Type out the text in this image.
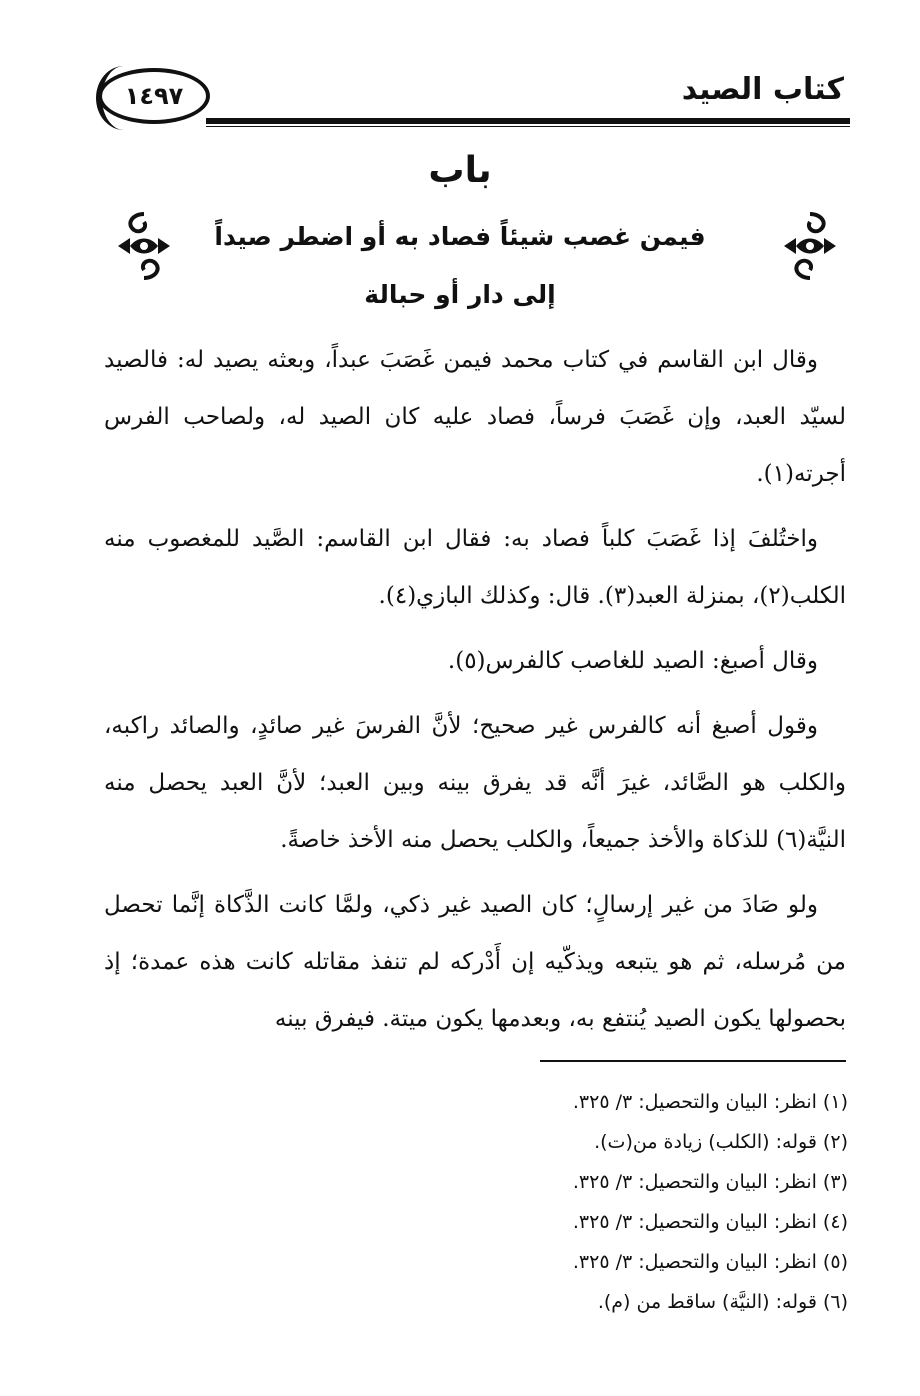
١٤٩٧	كتاب الصيد
باب
فيمن غصب شيئاً فصاد به أو اضطر صيداً
إلى دار أو حبالة

وقال ابن القاسم في كتاب محمد فيمن غَصَبَ عبداً، وبعثه يصيد له: فالصيد لسيّد العبد، وإن غَصَبَ فرساً، فصاد عليه كان الصيد له، ولصاحب الفرس أجرته(١).

واختُلفَ إذا غَصَبَ كلباً فصاد به: فقال ابن القاسم: الصَّيد للمغصوب منه الكلب(٢)، بمنزلة العبد(٣). قال: وكذلك البازي(٤).

وقال أصبغ: الصيد للغاصب كالفرس(٥).

وقول أصبغ أنه كالفرس غير صحيح؛ لأنَّ الفرسَ غير صائدٍ، والصائد راكبه، والكلب هو الصَّائد، غيرَ أنَّه قد يفرق بينه وبين العبد؛ لأنَّ العبد يحصل منه النيَّة(٦) للذكاة والأخذ جميعاً، والكلب يحصل منه الأخذ خاصةً.

ولو صَادَ من غير إرسالٍ؛ كان الصيد غير ذكي، ولمَّا كانت الذَّكاة إنَّما تحصل من مُرسله، ثم هو يتبعه ويذكّيه إن أَدْركه لم تنفذ مقاتله كانت هذه عمدة؛ إذ بحصولها يكون الصيد يُنتفع به، وبعدمها يكون ميتة. فيفرق بينه

(١) انظر: البيان والتحصيل: ٣/ ٣٢٥.

(٢) قوله: (الكلب) زيادة من(ت).

(٣) انظر: البيان والتحصيل: ٣/ ٣٢٥.

(٤) انظر: البيان والتحصيل: ٣/ ٣٢٥.

(٥) انظر: البيان والتحصيل: ٣/ ٣٢٥.

(٦) قوله: (النيَّة) ساقط من (م).
